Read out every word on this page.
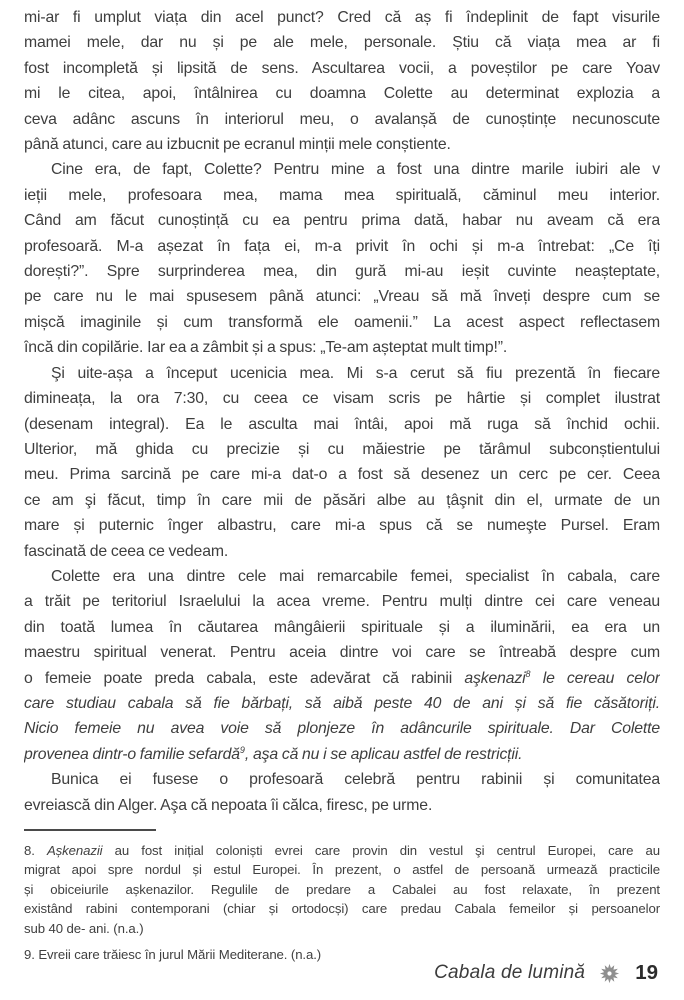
mi-ar fi umplut viața din acel punct? Cred că aș fi îndeplinit de fapt visurile
mamei mele, dar nu și pe ale mele, personale. Știu că viața mea ar fi
fost incompletă și lipsită de sens. Ascultarea vocii, a poveștilor pe care Yoav
mi le citea, apoi, întâlnirea cu doamna Colette au determinat explozia a
ceva adânc ascuns în interiorul meu, o avalanșă de cunoștințe necunoscute
până atunci, care au izbucnit pe ecranul minții mele conștiente.
Cine era, de fapt, Colette? Pentru mine a fost una dintre marile iubiri ale v
ieții mele, profesoara mea, mama mea spirituală, căminul meu interior.
Când am făcut cunoștință cu ea pentru prima dată, habar nu aveam că era
profesoară. M-a așezat în fața ei, m-a privit în ochi și m-a întrebat: „Ce îți
dorești?”. Spre surprinderea mea, din gură mi-au ieșit cuvinte neașteptate,
pe care nu le mai spusesem până atunci: „Vreau să mă înveți despre cum se
mișcă imaginile și cum transformă ele oamenii.” La acest aspect reflectasem
încă din copilărie. Iar ea a zâmbit și a spus: „Te-am așteptat mult timp!”.
Şi uite-așa a început ucenicia mea. Mi s-a cerut să fiu prezentă în fiecare
dimineața, la ora 7:30, cu ceea ce visam scris pe hârtie și complet ilustrat
(desenam integral). Ea le asculta mai întâi, apoi mă ruga să închid ochii.
Ulterior, mă ghida cu precizie și cu măiestrie pe tărâmul subconștientului
meu. Prima sarcină pe care mi-a dat-o a fost să desenez un cerc pe cer. Ceea
ce am şi făcut, timp în care mii de păsări albe au țâşnit din el, urmate de un
mare și puternic înger albastru, care mi-a spus că se numeşte Pursel. Eram
fascinată de ceea ce vedeam.
Colette era una dintre cele mai remarcabile femei, specialist în cabala, care
a trăit pe teritoriul Israelului la acea vreme. Pentru mulți dintre cei care veneau
din toată lumea în căutarea mângâierii spirituale și a iluminării, ea era un
maestru spiritual venerat. Pentru aceia dintre voi care se întreabă despre cum
o femeie poate preda cabala, este adevărat că rabinii aşkenazi$^8$ le cereau celor
care studiau cabala să fie bărbați, să aibă peste 40 de ani și să fie căsătoriți.
Nicio femeie nu avea voie să plonjeze în adâncurile spirituale. Dar Colette
provenea dintr-o familie sefardă$^9$, aşa că nu i se aplicau astfel de restricții.
Bunica ei fusese o profesoară celebră pentru rabinii și comunitatea
evreiască din Alger. Aşa că nepoata îi călca, firesc, pe urme.
8. Așkenazii au fost inițial coloniști evrei care provin din vestul şi centrul Europei, care au
migrat apoi spre nordul și estul Europei. În prezent, o astfel de persoană urmează practicile
și obiceiurile așkenazilor. Regulile de predare a Cabalei au fost relaxate, în prezent
existând rabini contemporani (chiar și ortodocși) care predau Cabala femeilor și persoanelor
sub 40 de- ani. (n.a.)
9. Evreii care trăiesc în jurul Mării Mediterane. (n.a.)
Cabala de lumină 19
